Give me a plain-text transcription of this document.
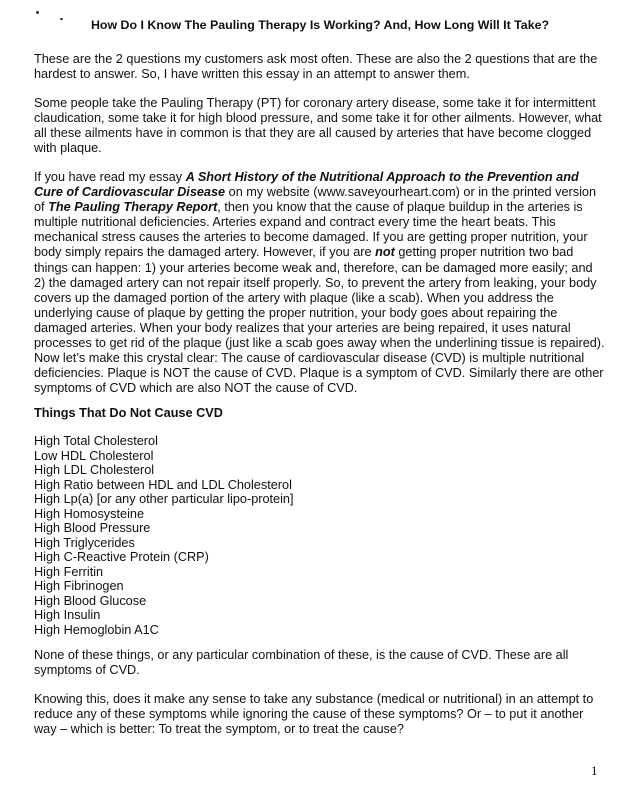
How Do I Know The Pauling Therapy Is Working? And, How Long Will It Take?

These are the 2 questions my customers ask most often. These are also the 2 questions that are the hardest to answer. So, I have written this essay in an attempt to answer them.

Some people take the Pauling Therapy (PT) for coronary artery disease, some take it for intermittent claudication, some take it for high blood pressure, and some take it for other ailments. However, what all these ailments have in common is that they are all caused by arteries that have become clogged with plaque.

If you have read my essay A Short History of the Nutritional Approach to the Prevention and Cure of Cardiovascular Disease on my website (www.saveyourheart.com) or in the printed version of The Pauling Therapy Report, then you know that the cause of plaque buildup in the arteries is multiple nutritional deficiencies. Arteries expand and contract every time the heart beats. This mechanical stress causes the arteries to become damaged. If you are getting proper nutrition, your body simply repairs the damaged artery. However, if you are not getting proper nutrition two bad things can happen: 1) your arteries become weak and, therefore, can be damaged more easily; and 2) the damaged artery can not repair itself properly. So, to prevent the artery from leaking, your body covers up the damaged portion of the artery with plaque (like a scab). When you address the underlying cause of plaque by getting the proper nutrition, your body goes about repairing the damaged arteries. When your body realizes that your arteries are being repaired, it uses natural processes to get rid of the plaque (just like a scab goes away when the underlining tissue is repaired).

Now let’s make this crystal clear: The cause of cardiovascular disease (CVD) is multiple nutritional deficiencies. Plaque is NOT the cause of CVD. Plaque is a symptom of CVD. Similarly there are other symptoms of CVD which are also NOT the cause of CVD.

Things That Do Not Cause CVD
High Total Cholesterol
Low HDL Cholesterol
High LDL Cholesterol
High Ratio between HDL and LDL Cholesterol
High Lp(a) [or any other particular lipo-protein]
High Homosysteine
High Blood Pressure
High Triglycerides
High C-Reactive Protein (CRP)
High Ferritin
High Fibrinogen
High Blood Glucose
High Insulin
High Hemoglobin A1C

None of these things, or any particular combination of these, is the cause of CVD. These are all symptoms of CVD.

Knowing this, does it make any sense to take any substance (medical or nutritional) in an attempt to reduce any of these symptoms while ignoring the cause of these symptoms? Or – to put it another way – which is better: To treat the symptom, or to treat the cause?

1
